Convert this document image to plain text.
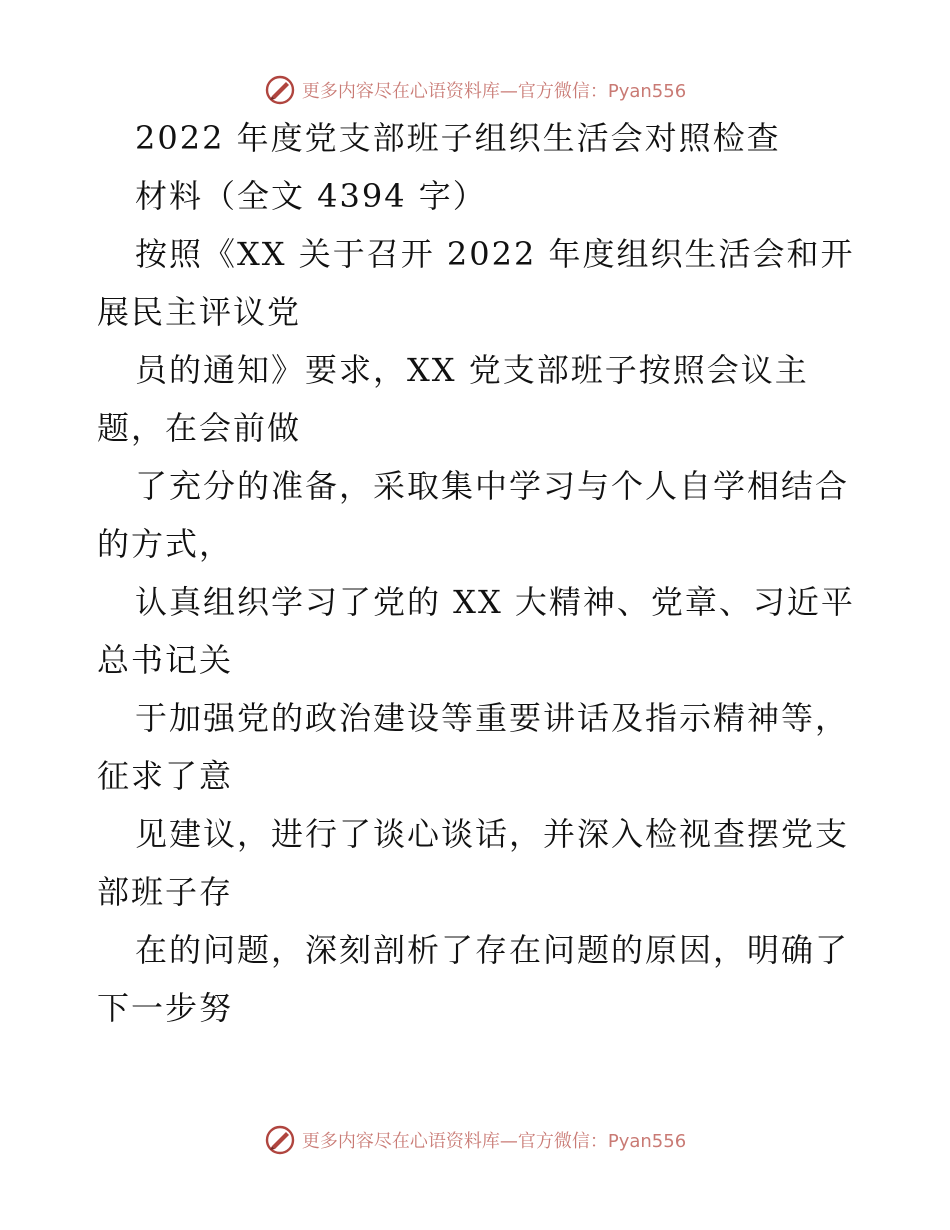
更多内容尽在心语资料库—官方微信：Pyan556
2022 年度党支部班子组织生活会对照检查
材料（全文 4394 字）
按照《XX 关于召开 2022 年度组织生活会和开
展民主评议党
员的通知》要求，XX 党支部班子按照会议主
题，在会前做
了充分的准备，采取集中学习与个人自学相结合
的方式，
认真组织学习了党的 XX 大精神、党章、习近平
总书记关
于加强党的政治建设等重要讲话及指示精神等，
征求了意
见建议，进行了谈心谈话，并深入检视查摆党支
部班子存
在的问题，深刻剖析了存在问题的原因，明确了
下一步努
更多内容尽在心语资料库—官方微信：Pyan556
